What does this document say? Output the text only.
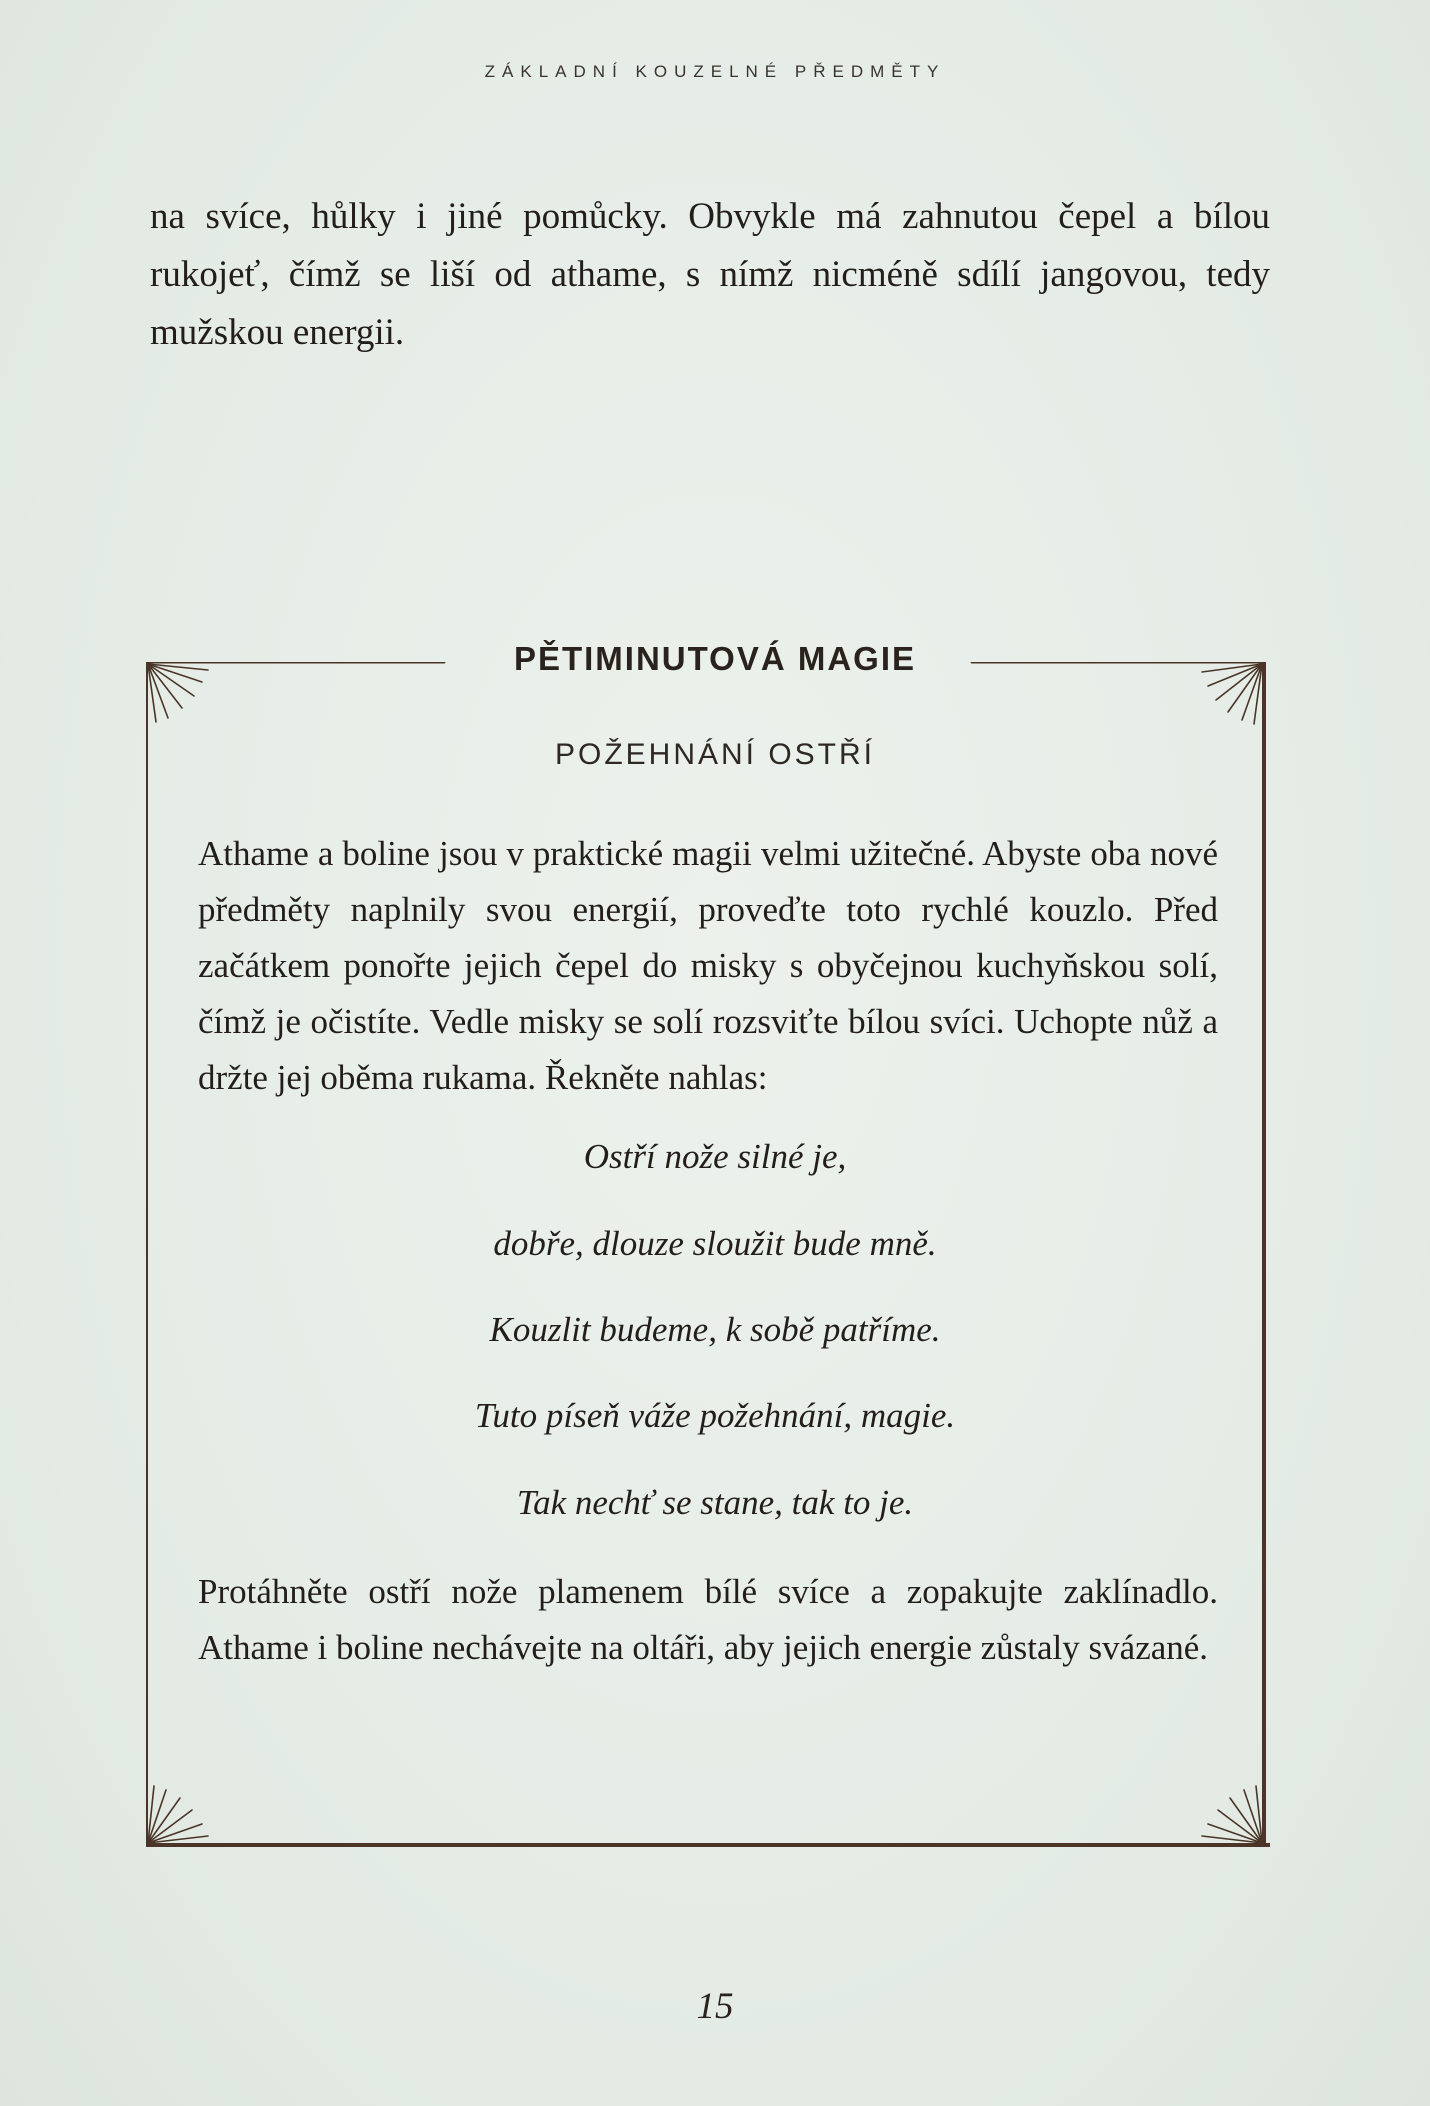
ZÁKLADNÍ KOUZELNÉ PŘEDMĚTY

na svíce, hůlky i jiné pomůcky. Obvykle má zahnutou čepel a bílou rukojeť, čímž se liší od athame, s nímž nicméně sdílí jangovou, tedy mužskou energii.

PĚTIMINUTOVÁ MAGIE
POŽEHNÁNÍ OSTŘÍ

Athame a boline jsou v praktické magii velmi užitečné. Abyste oba nové předměty naplnily svou energií, proveďte toto rychlé kouzlo. Před začátkem ponořte jejich čepel do misky s obyčejnou kuchyňskou solí, čímž je očistíte. Vedle misky se solí rozsviťte bílou svíci. Uchopte nůž a držte jej oběma rukama. Řekněte nahlas:

Ostří nože silné je,

dobře, dlouze sloužit bude mně.

Kouzlit budeme, k sobě patříme.

Tuto píseň váže požehnání, magie.

Tak nechť se stane, tak to je.

Protáhněte ostří nože plamenem bílé svíce a zopakujte zaklínadlo. Athame i boline nechávejte na oltáři, aby jejich energie zůstaly svázané.

15
